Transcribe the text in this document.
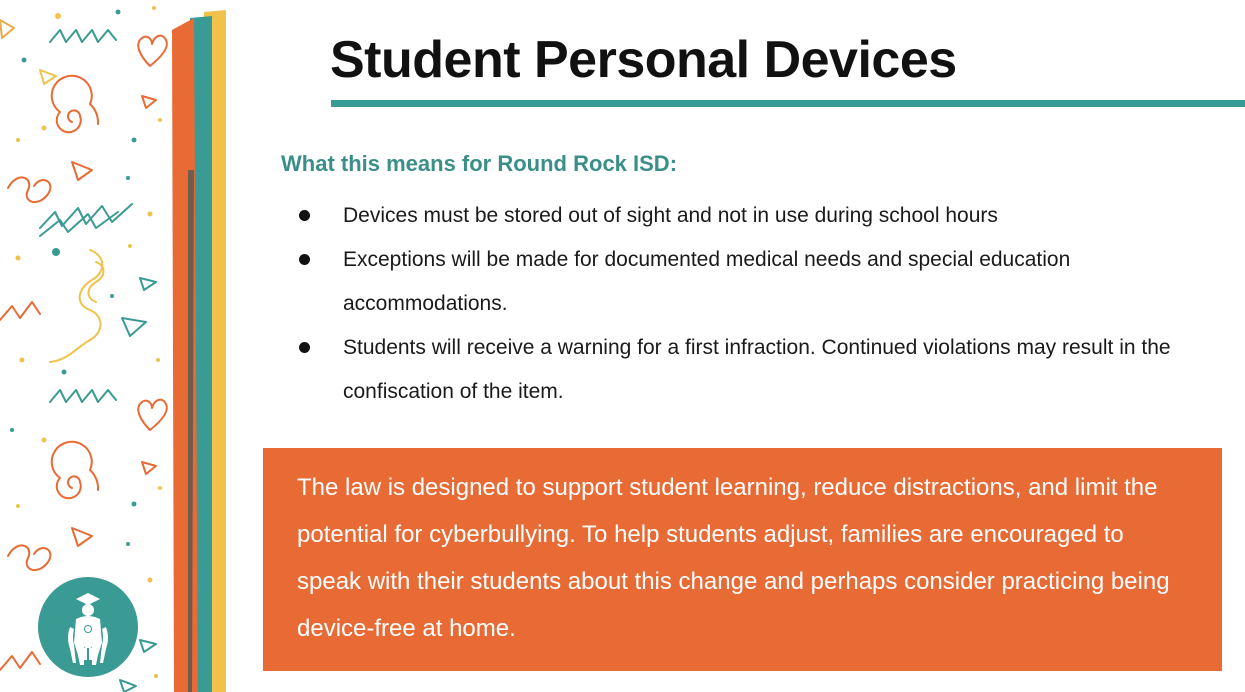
Student Personal Devices
What this means for Round Rock ISD:
Devices must be stored out of sight and not in use during school hours
Exceptions will be made for documented medical needs and special education accommodations.
Students will receive a warning for a first infraction. Continued violations may result in the confiscation of the item.

The law is designed to support student learning, reduce distractions, and limit the potential for cyberbullying. To help students adjust, families are encouraged to speak with their students about this change and perhaps consider practicing being device-free at home.
